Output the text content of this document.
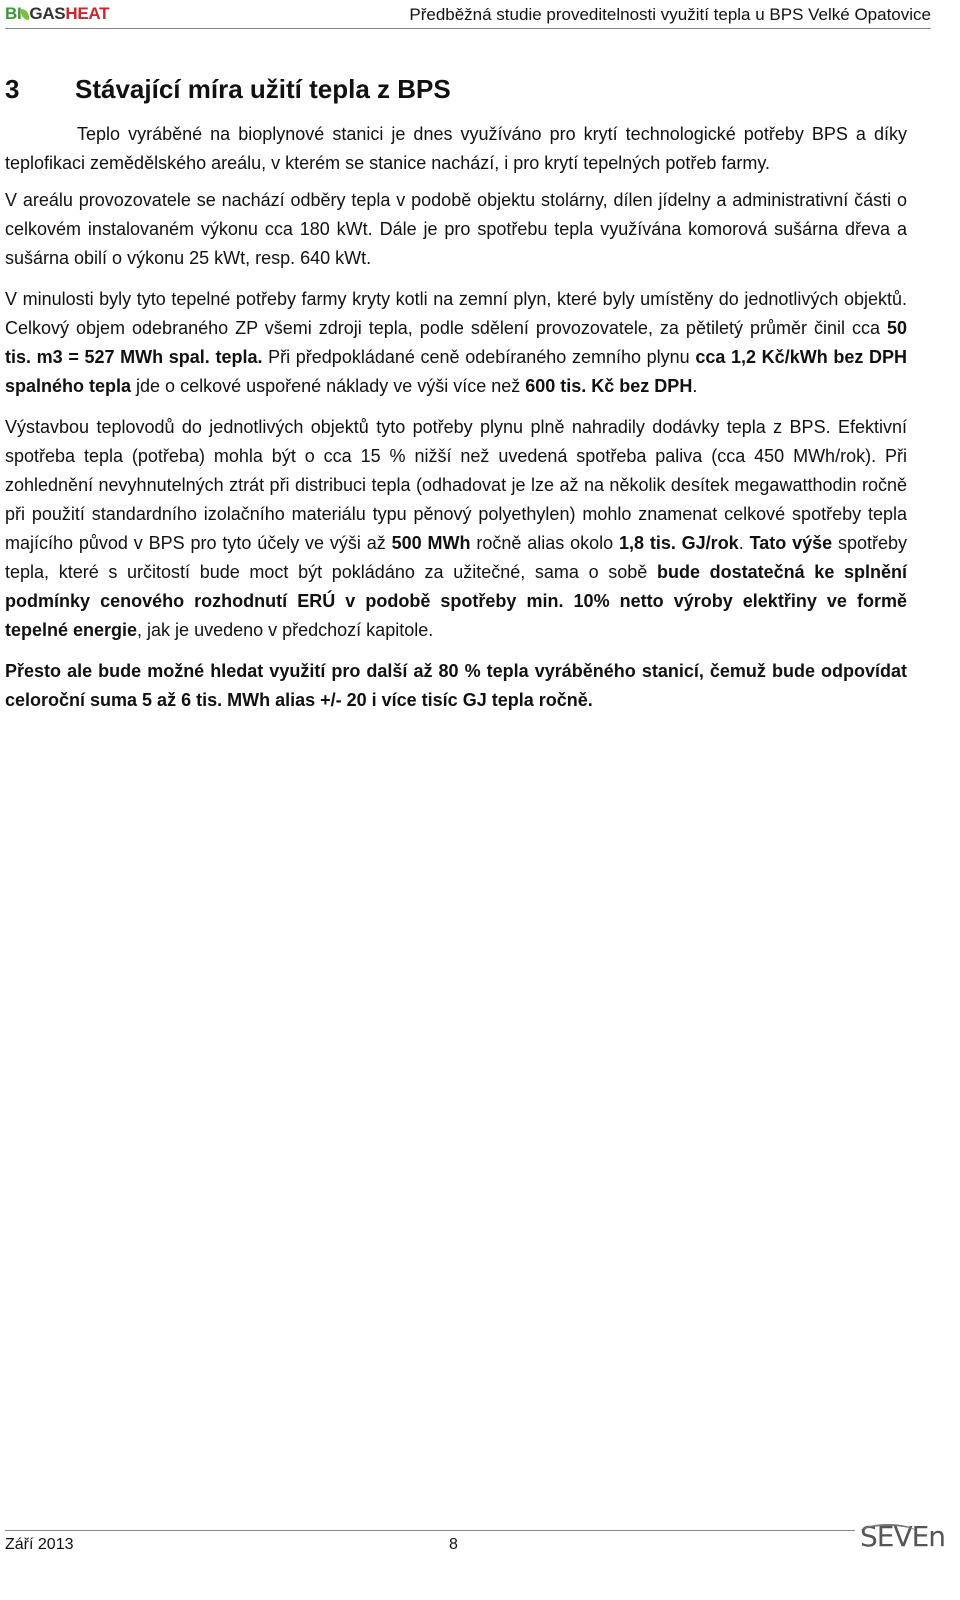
BI GASHEAT	Předběžná studie proveditelnosti využití tepla u BPS Velké Opatovice
3	Stávající míra užití tepla z BPS

Teplo vyráběné na bioplynové stanici je dnes využíváno pro krytí technologické potřeby BPS a díky teplofikaci zemědělského areálu, v kterém se stanice nachází, i pro krytí tepelných potřeb farmy.

V areálu provozovatele se nachází odběry tepla v podobě objektu stolárny, dílen jídelny a administrativní části o celkovém instalovaném výkonu cca 180 kWt. Dále je pro spotřebu tepla využívána komorová sušárna dřeva a sušárna obilí o výkonu 25 kWt, resp. 640 kWt.

V minulosti byly tyto tepelné potřeby farmy kryty kotli na zemní plyn, které byly umístěny do jednotlivých objektů. Celkový objem odebraného ZP všemi zdroji tepla, podle sdělení provozovatele, za pětiletý průměr činil cca 50 tis. m3 = 527 MWh spal. tepla. Při předpokládané ceně odebíraného zemního plynu cca 1,2 Kč/kWh bez DPH spalného tepla jde o celkové uspořené náklady ve výši více než 600 tis. Kč bez DPH.

Výstavbou teplovodů do jednotlivých objektů tyto potřeby plynu plně nahradily dodávky tepla z BPS. Efektivní spotřeba tepla (potřeba) mohla být o cca 15 % nižší než uvedená spotřeba paliva (cca 450 MWh/rok). Při zohlednění nevyhnutelných ztrát při distribuci tepla (odhadovat je lze až na několik desítek megawatthodin ročně při použití standardního izolačního materiálu typu pěnový polyethylen) mohlo znamenat celkové spotřeby tepla majícího původ v BPS pro tyto účely ve výši až 500 MWh ročně alias okolo 1,8 tis. GJ/rok. Tato výše spotřeby tepla, které s určitostí bude moct být pokládáno za užitečné, sama o sobě bude dostatečná ke splnění podmínky cenového rozhodnutí ERÚ v podobě spotřeby min. 10% netto výroby elektřiny ve formě tepelné energie, jak je uvedeno v předchozí kapitole.

Přesto ale bude možné hledat využití pro další až 80 % tepla vyráběného stanicí, čemuž bude odpovídat celoroční suma 5 až 6 tis. MWh alias +/- 20 i více tisíc GJ tepla ročně.

Září 2013	8	SEVEn
